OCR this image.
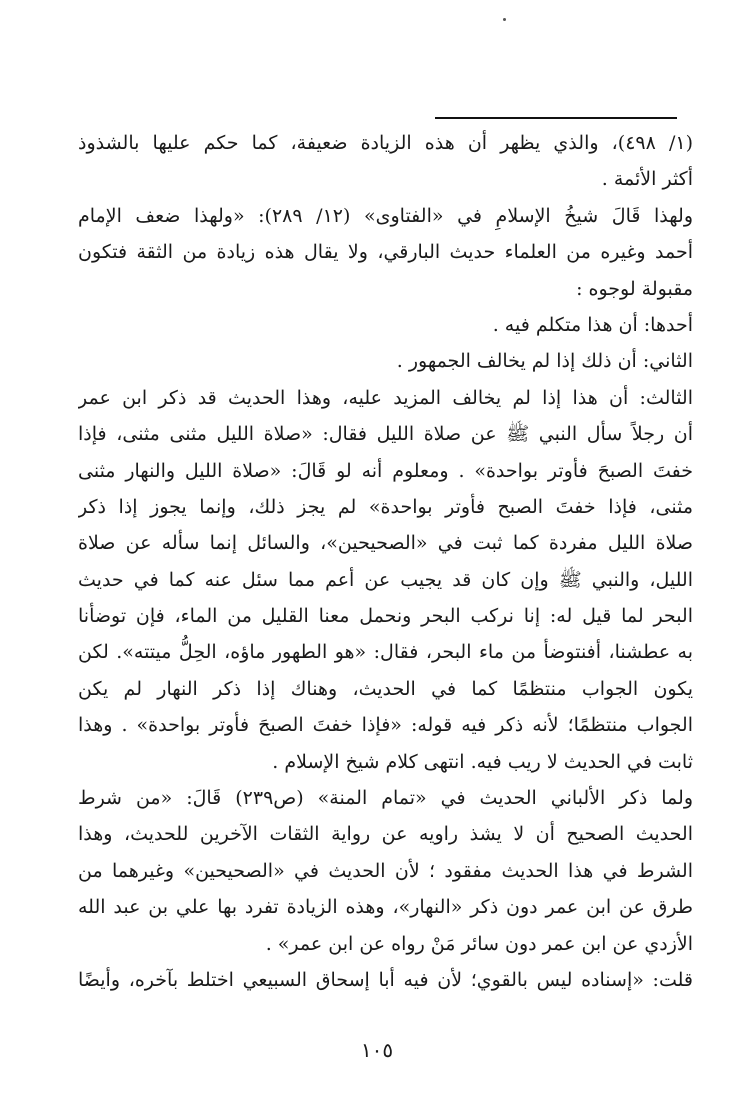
(١/ ٤٩٨)، والذي يظهر أن هذه الزيادة ضعيفة، كما حكم عليها بالشذوذ
أكثر الأئمة .
ولهذا قَالَ شيخُ الإسلامِ في «الفتاوى» (١٢/ ٢٨٩): «ولهذا ضعف الإمام
أحمد وغيره من العلماء حديث البارقي، ولا يقال هذه زيادة من الثقة فتكون
مقبولة لوجوه :
أحدها: أن هذا متكلم فيه .
الثاني: أن ذلك إذا لم يخالف الجمهور .
الثالث: أن هذا إذا لم يخالف المزيد عليه، وهذا الحديث قد ذكر ابن عمر
أن رجلاً سأل النبي ﷺ عن صلاة الليل فقال: «صلاة الليل مثنى مثنى، فإذا
خفتَ الصبحَ فأوتر بواحدة» . ومعلوم أنه لو قَالَ: «صلاة الليل والنهار مثنى
مثنى، فإذا خفتَ الصبح فأوتر بواحدة» لم يجز ذلك، وإنما يجوز إذا ذكر
صلاة الليل مفردة كما ثبت في «الصحيحين»، والسائل إنما سأله عن صلاة
الليل، والنبي ﷺ وإن كان قد يجيب عن أعم مما سئل عنه كما في حديث
البحر لما قيل له: إنا نركب البحر ونحمل معنا القليل من الماء، فإن توضأنا
به عطشنا، أفنتوضأ من ماء البحر، فقال: «هو الطهور ماؤه، الحِلُّ ميتته». لكن
يكون الجواب منتظمًا كما في الحديث، وهناك إذا ذكر النهار لم يكن
الجواب منتظمًا؛ لأنه ذكر فيه قوله: «فإذا خفتَ الصبحَ فأوتر بواحدة» . وهذا
ثابت في الحديث لا ريب فيه. انتهى كلام شيخ الإسلام .
ولما ذكر الألباني الحديث في «تمام المنة» (ص٢٣٩) قَالَ: «من شرط
الحديث الصحيح أن لا يشذ راويه عن رواية الثقات الآخرين للحديث، وهذا
الشرط في هذا الحديث مفقود ؛ لأن الحديث في «الصحيحين» وغيرهما من
طرق عن ابن عمر دون ذكر «النهار»، وهذه الزيادة تفرد بها علي بن عبد الله
الأزدي عن ابن عمر دون سائر مَنْ رواه عن ابن عمر» .
قلت: «إسناده ليس بالقوي؛ لأن فيه أبا إسحاق السبيعي اختلط بآخره، وأيضًا
١٠٥
